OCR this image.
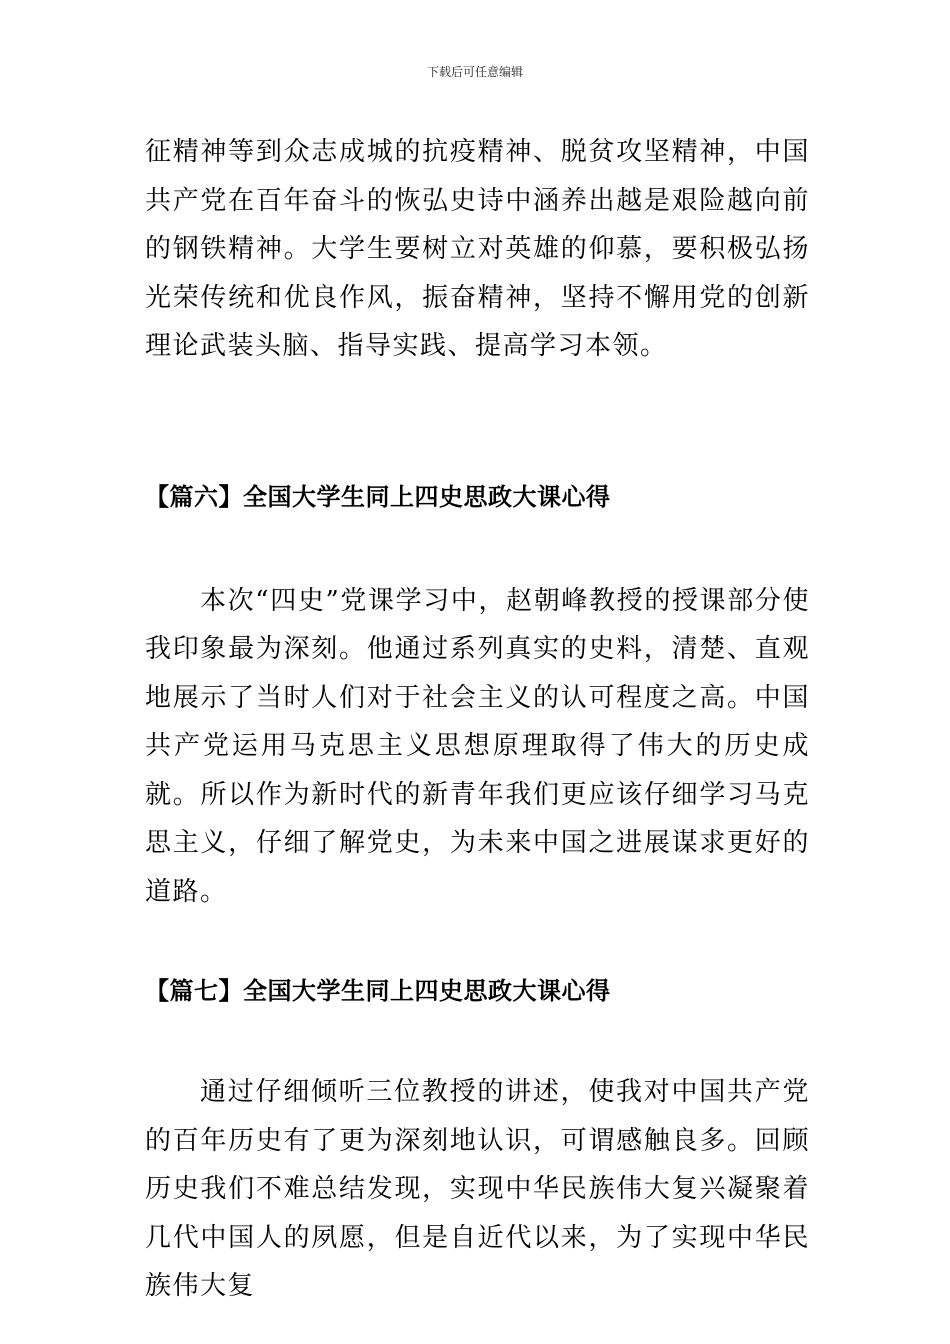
下载后可任意编辑

征精神等到众志成城的抗疫精神、脱贫攻坚精神，中国共产党在百年奋斗的恢弘史诗中涵养出越是艰险越向前的钢铁精神。大学生要树立对英雄的仰慕，要积极弘扬光荣传统和优良作风，振奋精神，坚持不懈用党的创新理论武装头脑、指导实践、提高学习本领。

【篇六】全国大学生同上四史思政大课心得

本次“四史”党课学习中，赵朝峰教授的授课部分使我印象最为深刻。他通过系列真实的史料，清楚、直观地展示了当时人们对于社会主义的认可程度之高。中国共产党运用马克思主义思想原理取得了伟大的历史成就。所以作为新时代的新青年我们更应该仔细学习马克思主义，仔细了解党史，为未来中国之进展谋求更好的道路。

【篇七】全国大学生同上四史思政大课心得

通过仔细倾听三位教授的讲述，使我对中国共产党的百年历史有了更为深刻地认识，可谓感触良多。回顾历史我们不难总结发现，实现中华民族伟大复兴凝聚着几代中国人的夙愿，但是自近代以来，为了实现中华民族伟大复
